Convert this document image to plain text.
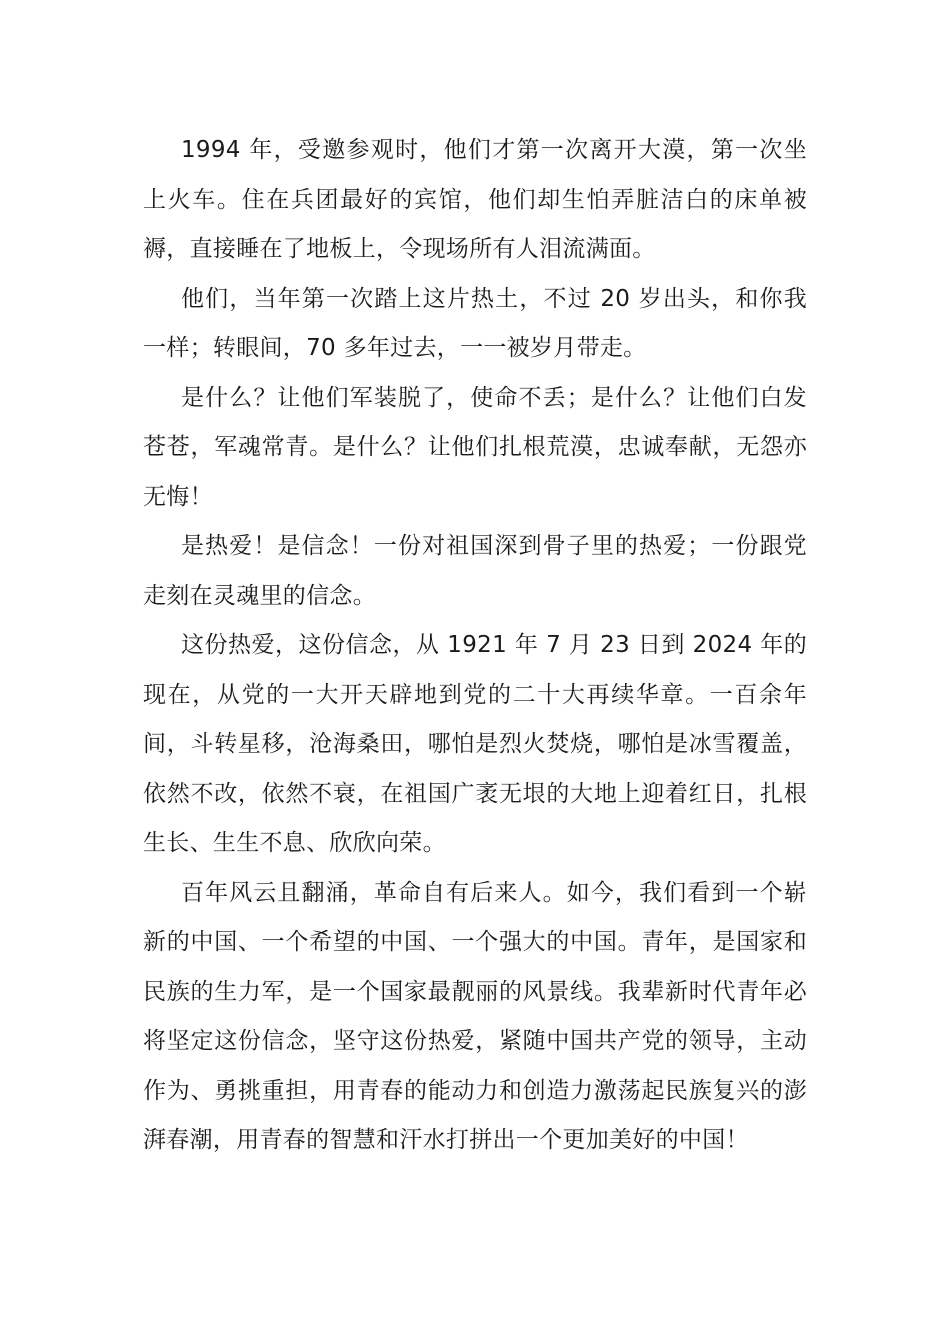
1994 年，受邀参观时，他们才第一次离开大漠，第一次坐上火车。住在兵团最好的宾馆，他们却生怕弄脏洁白的床单被褥，直接睡在了地板上，令现场所有人泪流满面。

他们，当年第一次踏上这片热土，不过 20 岁出头，和你我一样；转眼间，70 多年过去，一一被岁月带走。

是什么？让他们军装脱了，使命不丢；是什么？让他们白发苍苍，军魂常青。是什么？让他们扎根荒漠，忠诚奉献，无怨亦无悔！

是热爱！是信念！一份对祖国深到骨子里的热爱；一份跟党走刻在灵魂里的信念。

这份热爱，这份信念，从 1921 年 7 月 23 日到 2024 年的现在，从党的一大开天辟地到党的二十大再续华章。一百余年间，斗转星移，沧海桑田，哪怕是烈火焚烧，哪怕是冰雪覆盖，依然不改，依然不衰，在祖国广袤无垠的大地上迎着红日，扎根生长、生生不息、欣欣向荣。

百年风云且翻涌，革命自有后来人。如今，我们看到一个崭新的中国、一个希望的中国、一个强大的中国。青年，是国家和民族的生力军，是一个国家最靓丽的风景线。我辈新时代青年必将坚定这份信念，坚守这份热爱，紧随中国共产党的领导，主动作为、勇挑重担，用青春的能动力和创造力激荡起民族复兴的澎湃春潮，用青春的智慧和汗水打拼出一个更加美好的中国！
